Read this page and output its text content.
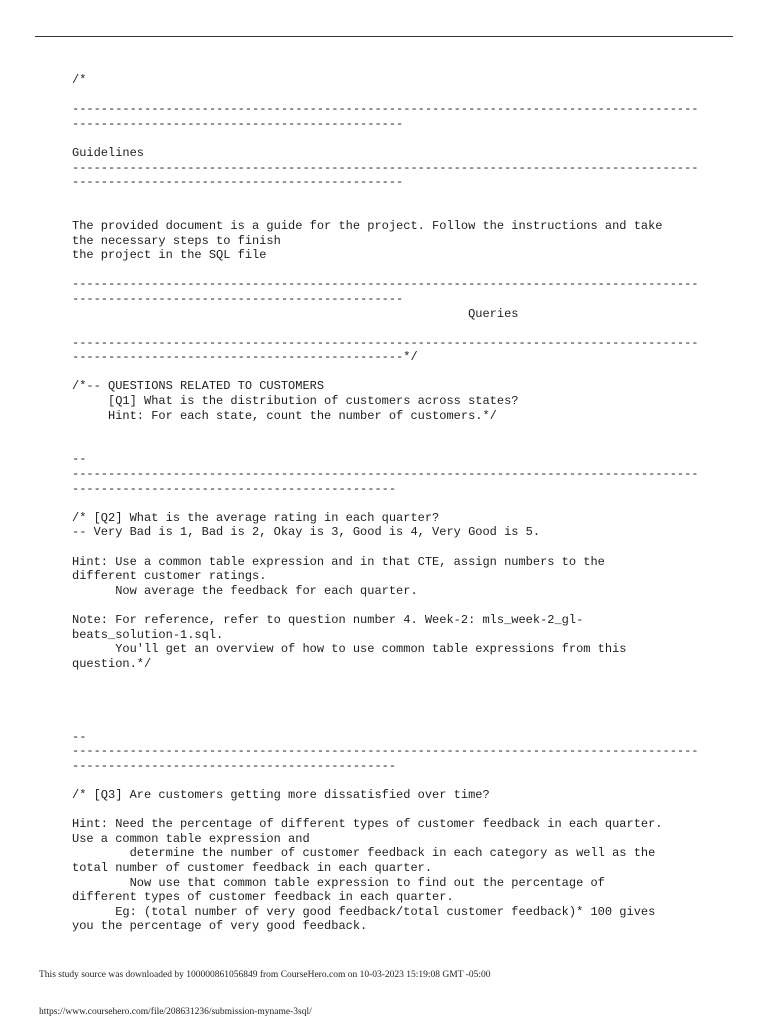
/*
---------------------------------------------------------------------------------------
----------------------------------------------
Guidelines
---------------------------------------------------------------------------------------
----------------------------------------------
The provided document is a guide for the project. Follow the instructions and take
the necessary steps to finish
the project in the SQL file
---------------------------------------------------------------------------------------
----------------------------------------------
Queries
---------------------------------------------------------------------------------------
----------------------------------------------*/
/*-- QUESTIONS RELATED TO CUSTOMERS
[Q1] What is the distribution of customers across states?
Hint: For each state, count the number of customers.*/
--
---------------------------------------------------------------------------------------
---------------------------------------------
/* [Q2] What is the average rating in each quarter?
-- Very Bad is 1, Bad is 2, Okay is 3, Good is 4, Very Good is 5.
Hint: Use a common table expression and in that CTE, assign numbers to the
different customer ratings.
Now average the feedback for each quarter.
Note: For reference, refer to question number 4. Week-2: mls_week-2_gl-
beats_solution-1.sql.
You'll get an overview of how to use common table expressions from this
question.*/
--
---------------------------------------------------------------------------------------
---------------------------------------------
/* [Q3] Are customers getting more dissatisfied over time?
Hint: Need the percentage of different types of customer feedback in each quarter.
Use a common table expression and
determine the number of customer feedback in each category as well as the
total number of customer feedback in each quarter.
Now use that common table expression to find out the percentage of
different types of customer feedback in each quarter.
Eg: (total number of very good feedback/total customer feedback)* 100 gives
you the percentage of very good feedback.
This study source was downloaded by 100000861056849 from CourseHero.com on 10-03-2023 15:19:08 GMT -05:00
https://www.coursehero.com/file/208631236/submission-myname-3sql/
